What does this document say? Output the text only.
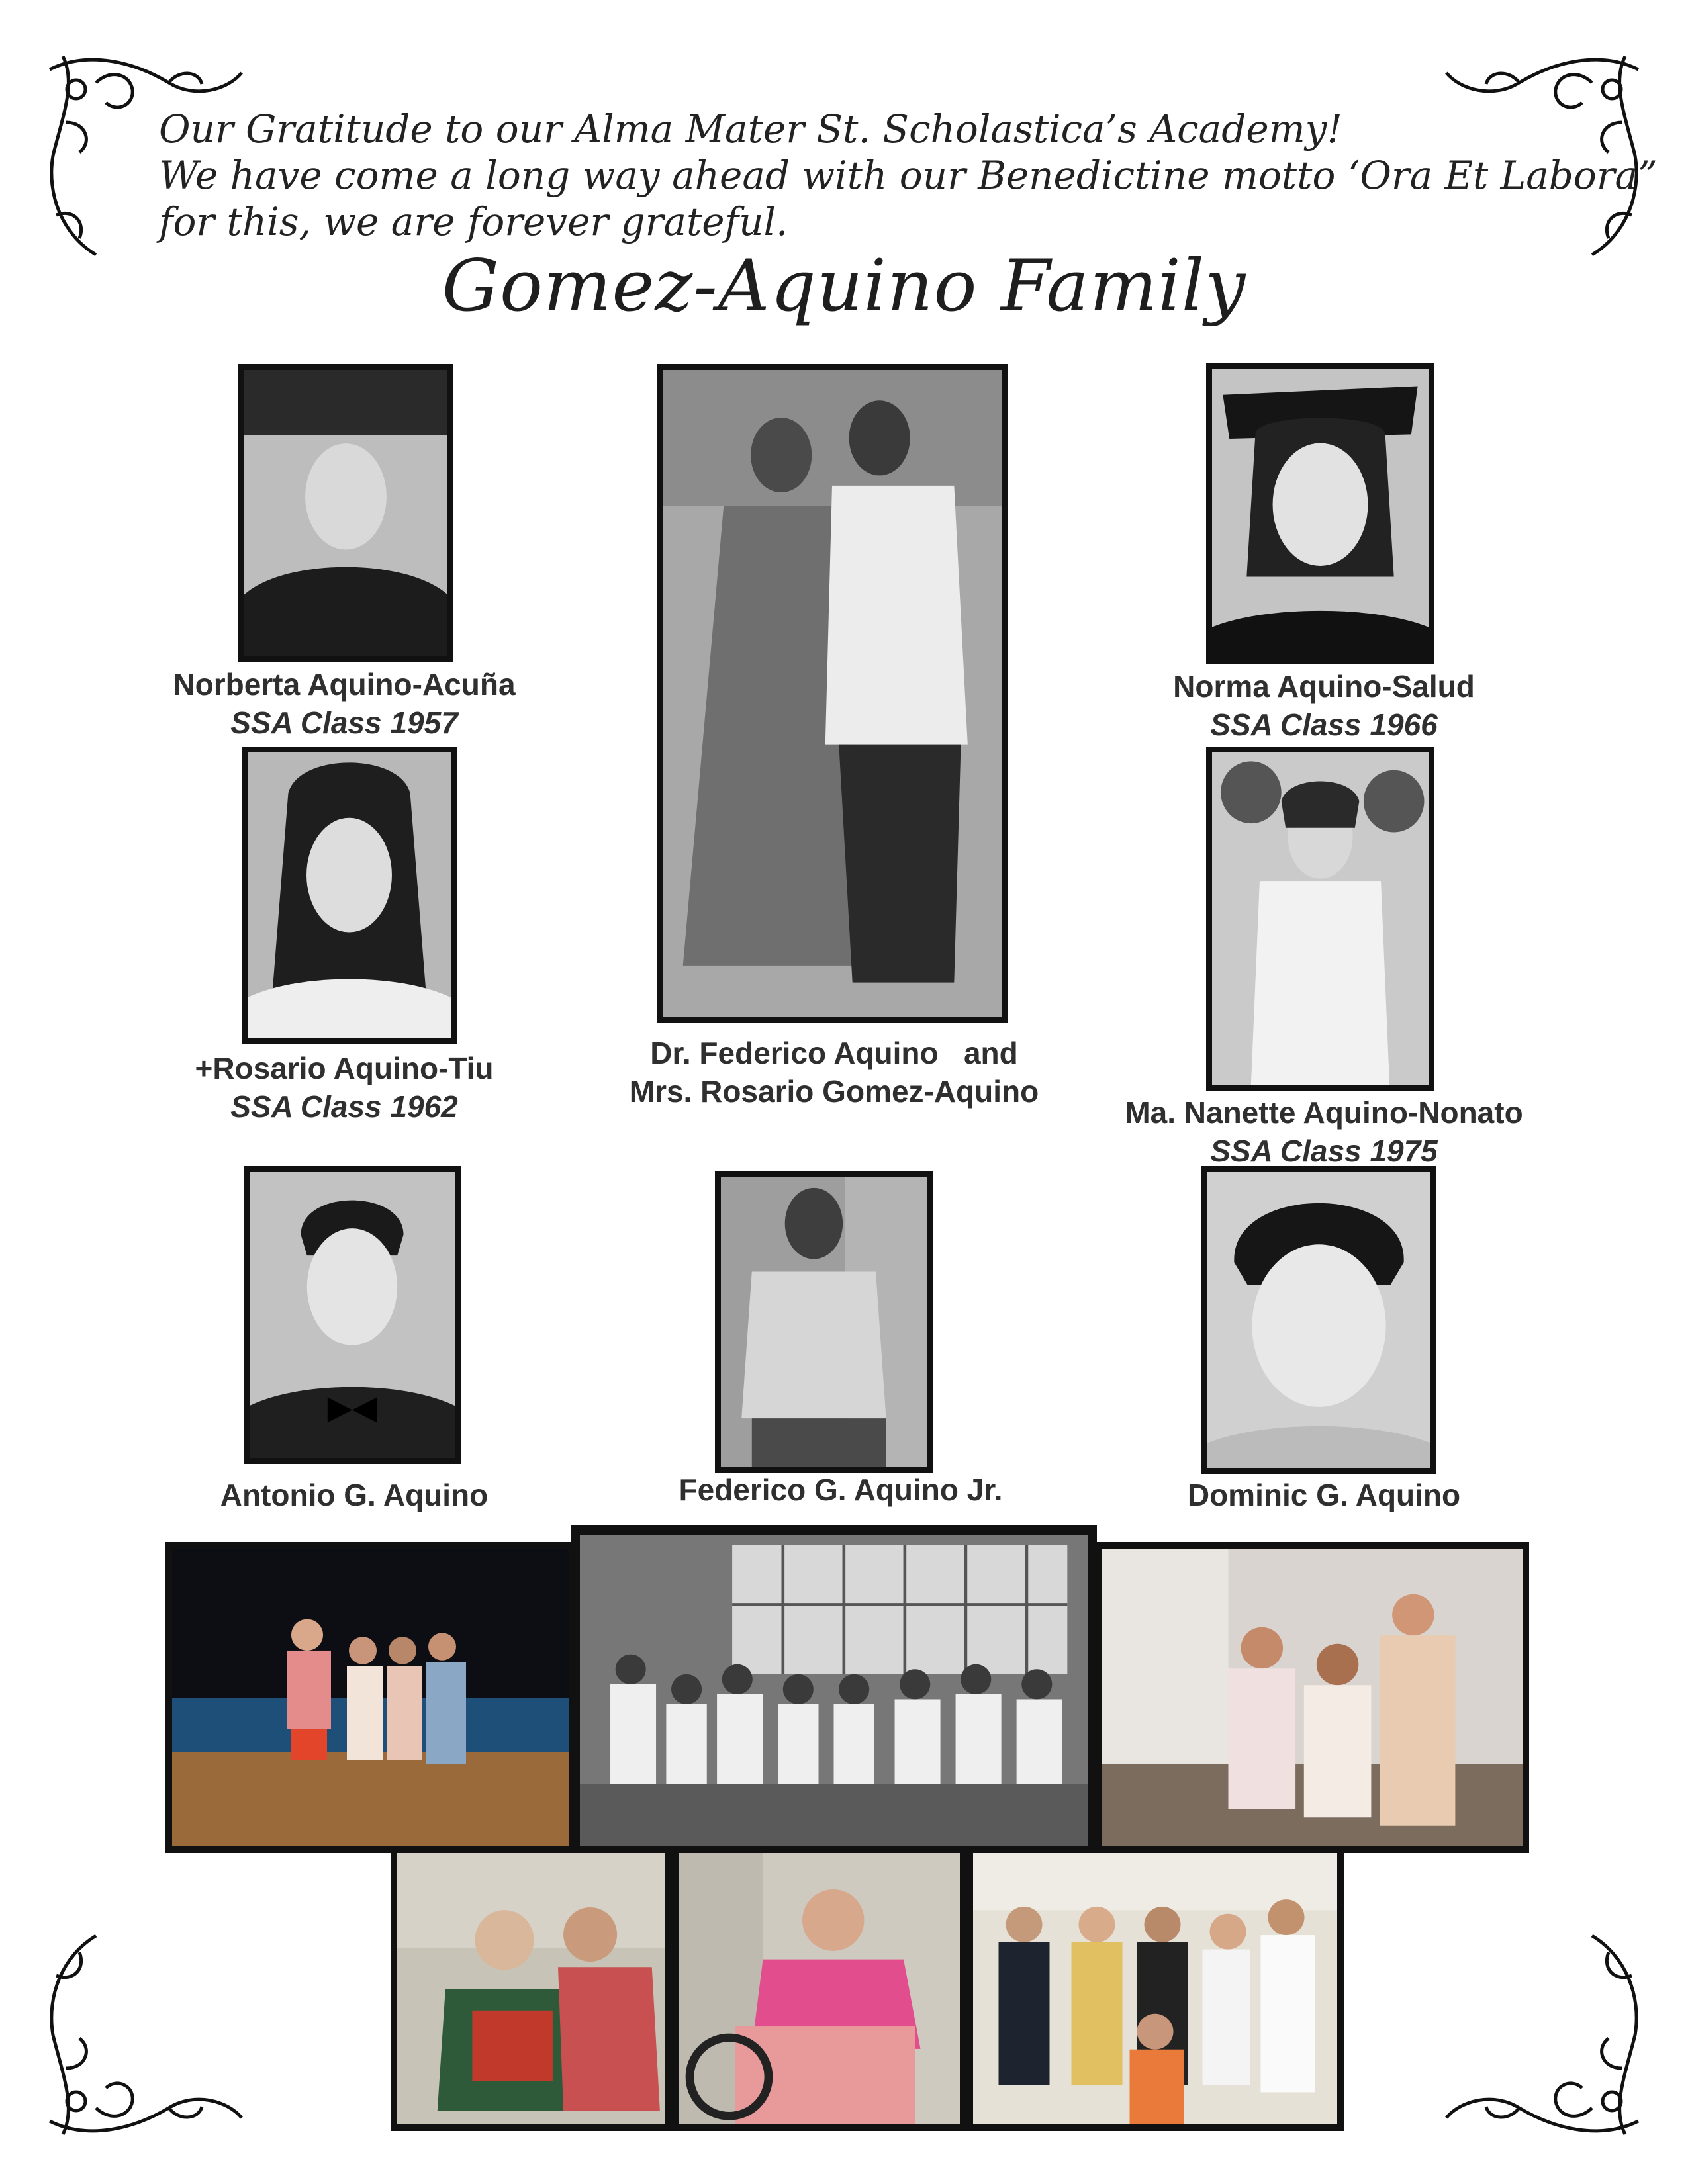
Our Gratitude to our Alma Mater St. Scholastica’s Academy!
We have come a long way ahead with our Benedictine motto ‘Ora Et Labora”
for this, we are forever grateful.
Gomez-Aquino Family
Norberta Aquino-Acuña
SSA Class 1957
+Rosario Aquino-Tiu
SSA Class 1962
Dr. Federico Aquino   and
Mrs. Rosario Gomez-Aquino
Norma Aquino-Salud
SSA Class 1966
Ma. Nanette Aquino-Nonato
SSA Class 1975
Antonio G. Aquino	Federico G. Aquino Jr.	Dominic G. Aquino
